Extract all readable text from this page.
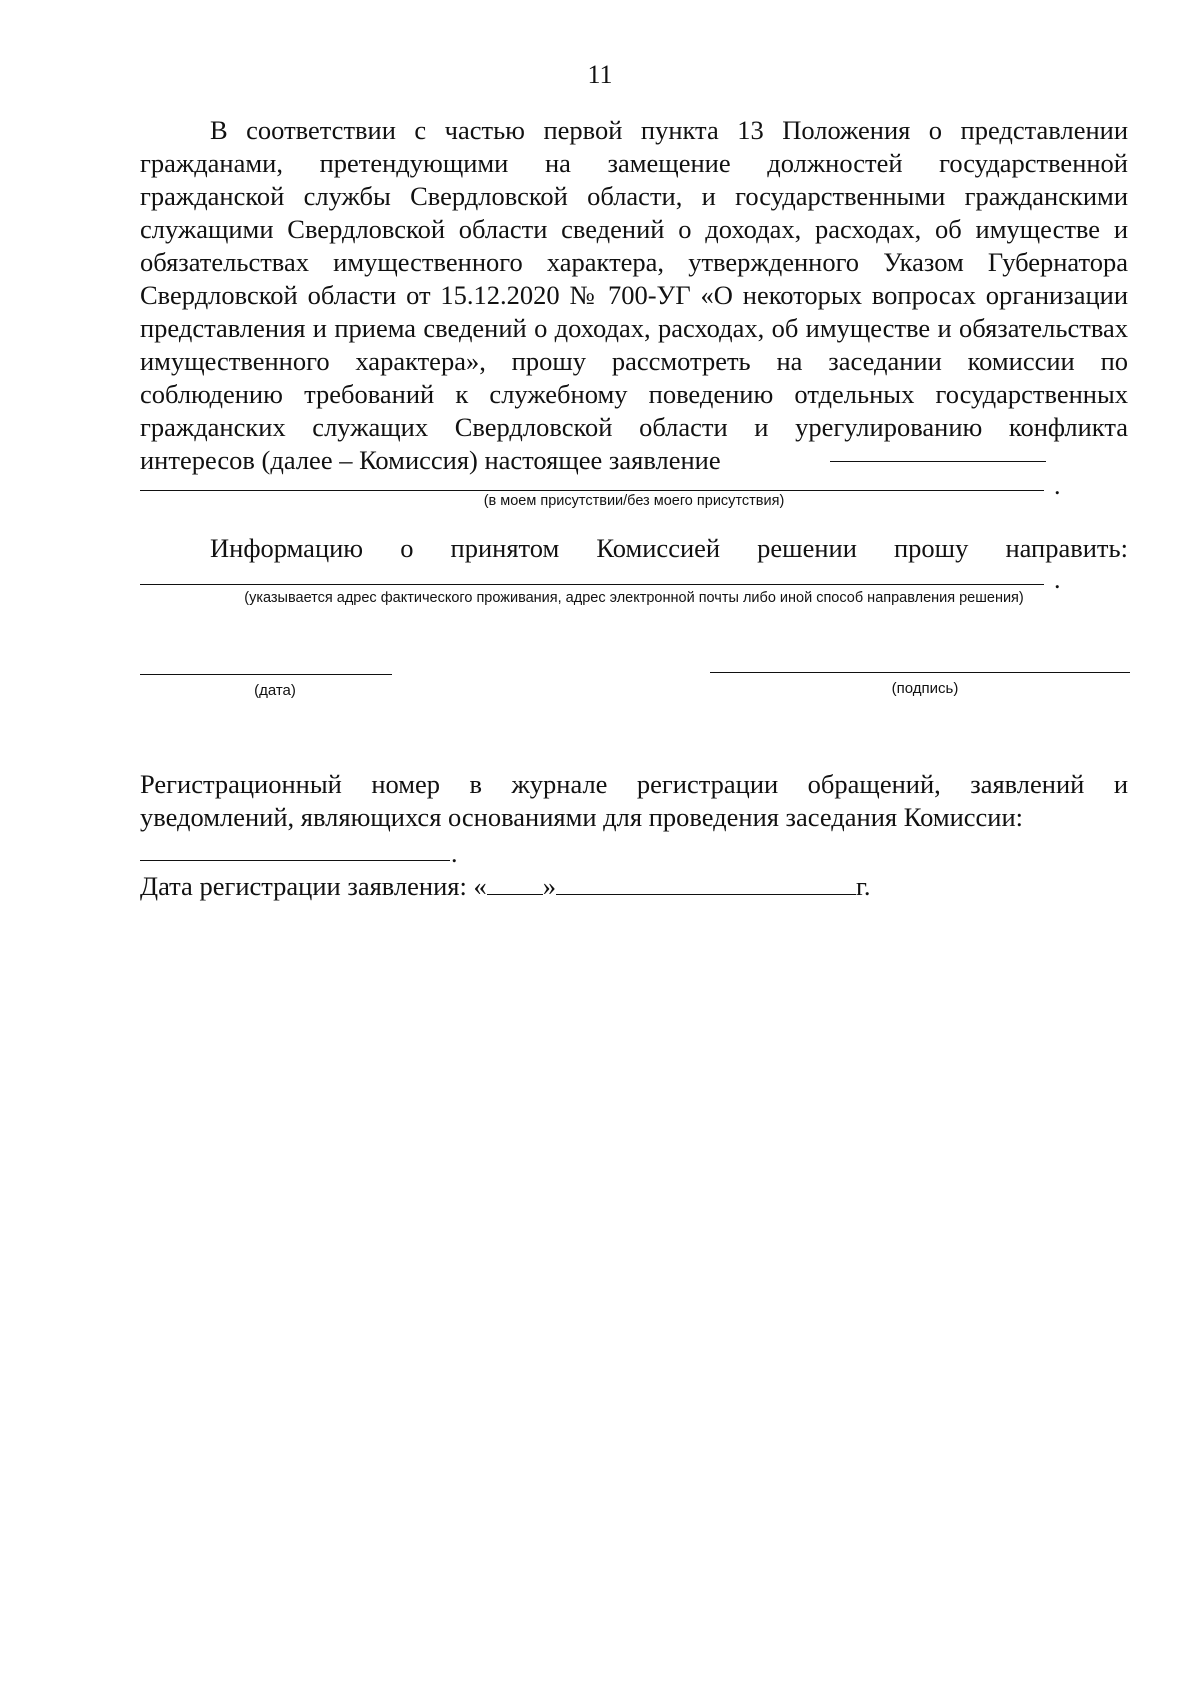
11

В соответствии с частью первой пункта 13 Положения о представлении гражданами, претендующими на замещение должностей государственной гражданской службы Свердловской области, и государственными гражданскими служащими Свердловской области сведений о доходах, расходах, об имуществе и обязательствах имущественного характера, утвержденного Указом Губернатора Свердловской области от 15.12.2020 № 700-УГ «О некоторых вопросах организации представления и приема сведений о доходах, расходах, об имуществе и обязательствах имущественного характера», прошу рассмотреть на заседании комиссии по соблюдению требований к служебному поведению отдельных государственных гражданских служащих Свердловской области и урегулированию конфликта интересов (далее – Комиссия) настоящее заявление

.
(в моем присутствии/без моего присутствия)
Информацию о принятом Комиссией решении прошу направить:
.
(указывается адрес фактического проживания, адрес электронной почты либо иной способ направления решения)
(дата)	(подпись)

Регистрационный номер в журнале регистрации обращений, заявлений и уведомлений, являющихся основаниями для проведения заседания Комиссии:

.
Дата регистрации заявления: « »	г.
